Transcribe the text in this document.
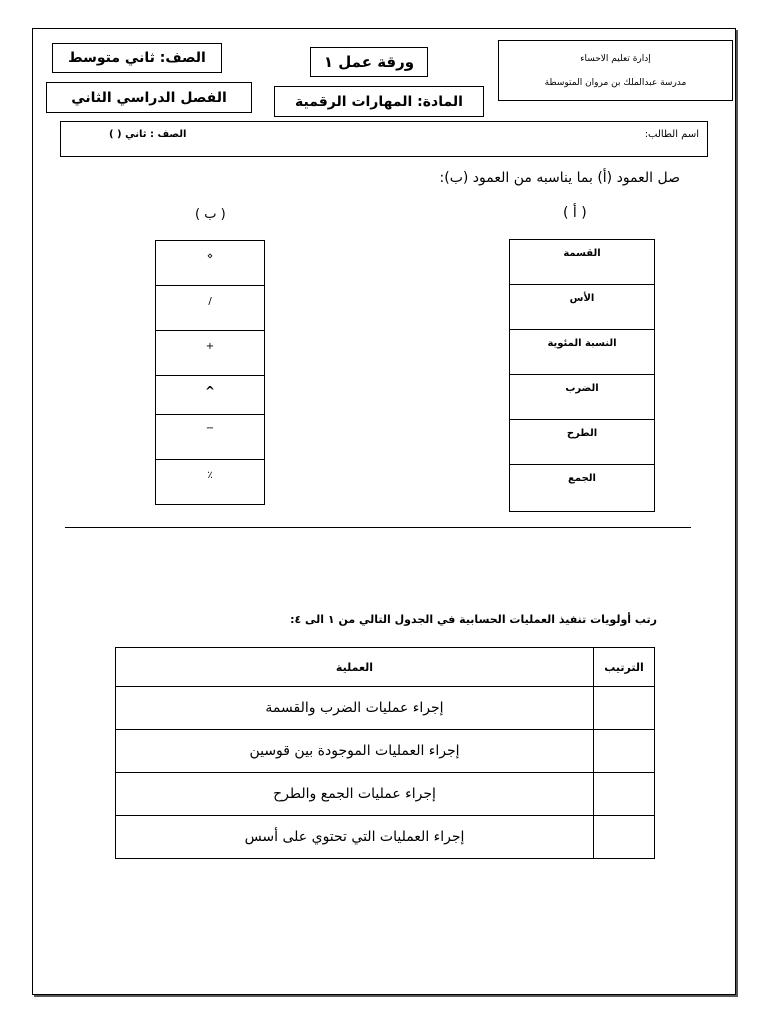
الصف: ثاني متوسط
الفصل الدراسي الثاني
ورقة عمل ١
المادة: المهارات الرقمية
إدارة تعليم الاحساء
مدرسة عبدالملك بن مروان المتوسطة
الصف : ثاني ( )	اسم الطالب:
صل العمود (أ) بما يناسبه من العمود (ب):
( أ )
( ب )
القسمة
الأس
النسبة المئوية
الضرب
الطرح
الجمع
⋄
/
+
^
−
٪
رتب أولويات تنفيذ العمليات الحسابية في الجدول التالي من ١ الى ٤:
الترتيب	العملية
	إجراء عمليات الضرب والقسمة
	إجراء العمليات الموجودة بين قوسين
	إجراء عمليات الجمع والطرح
	إجراء العمليات التي تحتوي على أسس
